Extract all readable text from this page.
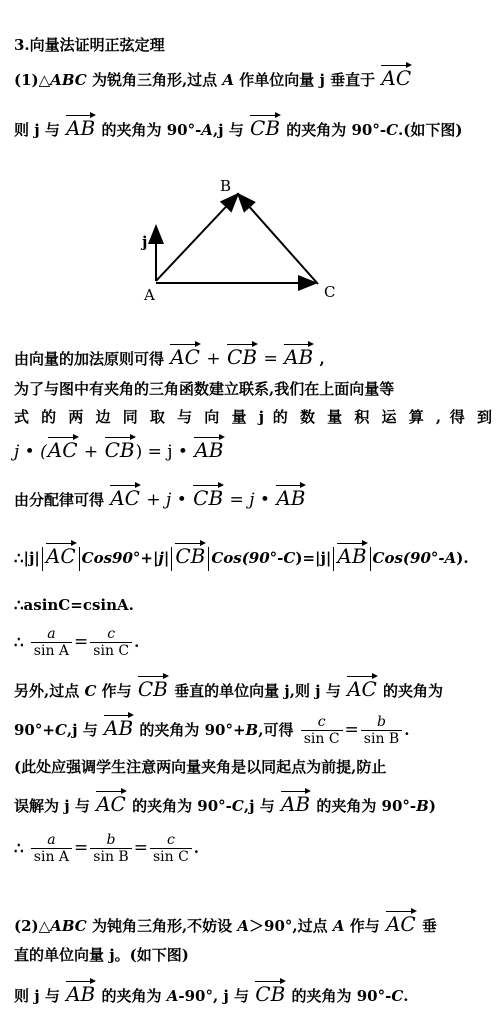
3.向量法证明正弦定理
(1)△ABC 为锐角三角形,过点 A 作单位向量 j 垂直于 AC
则 j 与 AB 的夹角为 90°-A,j 与 CB 的夹角为 90°-C.(如下图)
B
j
A	C
由向量的加法原则可得 AC + CB = AB ,
为了与图中有夹角的三角函数建立联系,我们在上面向量等
式 的 两 边 同 取 与 向 量 j 的 数 量 积 运 算 , 得 到
j • (AC + CB) = j • AB
由分配律可得 AC + j • CB = j • AB
∴|j| AC Cos90°+|j| CB Cos(90°-C)=|j| AB Cos(90°-A).
∴asinC=csinA.
∴ $\frac{a}{\text{sin A}} = \frac{c}{\text{sin C}}$ .
另外,过点 C 作与 CB 垂直的单位向量 j,则 j 与 AC 的夹角为
90°+C,j 与 AB 的夹角为 90°+B,可得 $\frac{c}{\text{sin C}} = \frac{b}{\text{sin B}}$ .
(此处应强调学生注意两向量夹角是以同起点为前提,防止
误解为 j 与 AC 的夹角为 90°-C,j 与 AB 的夹角为 90°-B)
∴ $\frac{a}{\text{sin A}} = \frac{b}{\text{sin B}} = \frac{c}{\text{sin C}}$ .
(2)△ABC 为钝角三角形,不妨设 A＞90°,过点 A 作与 AC 垂
直的单位向量 j。(如下图)
则 j 与 AB 的夹角为 A-90°, j 与 CB 的夹角为 90°-C.
